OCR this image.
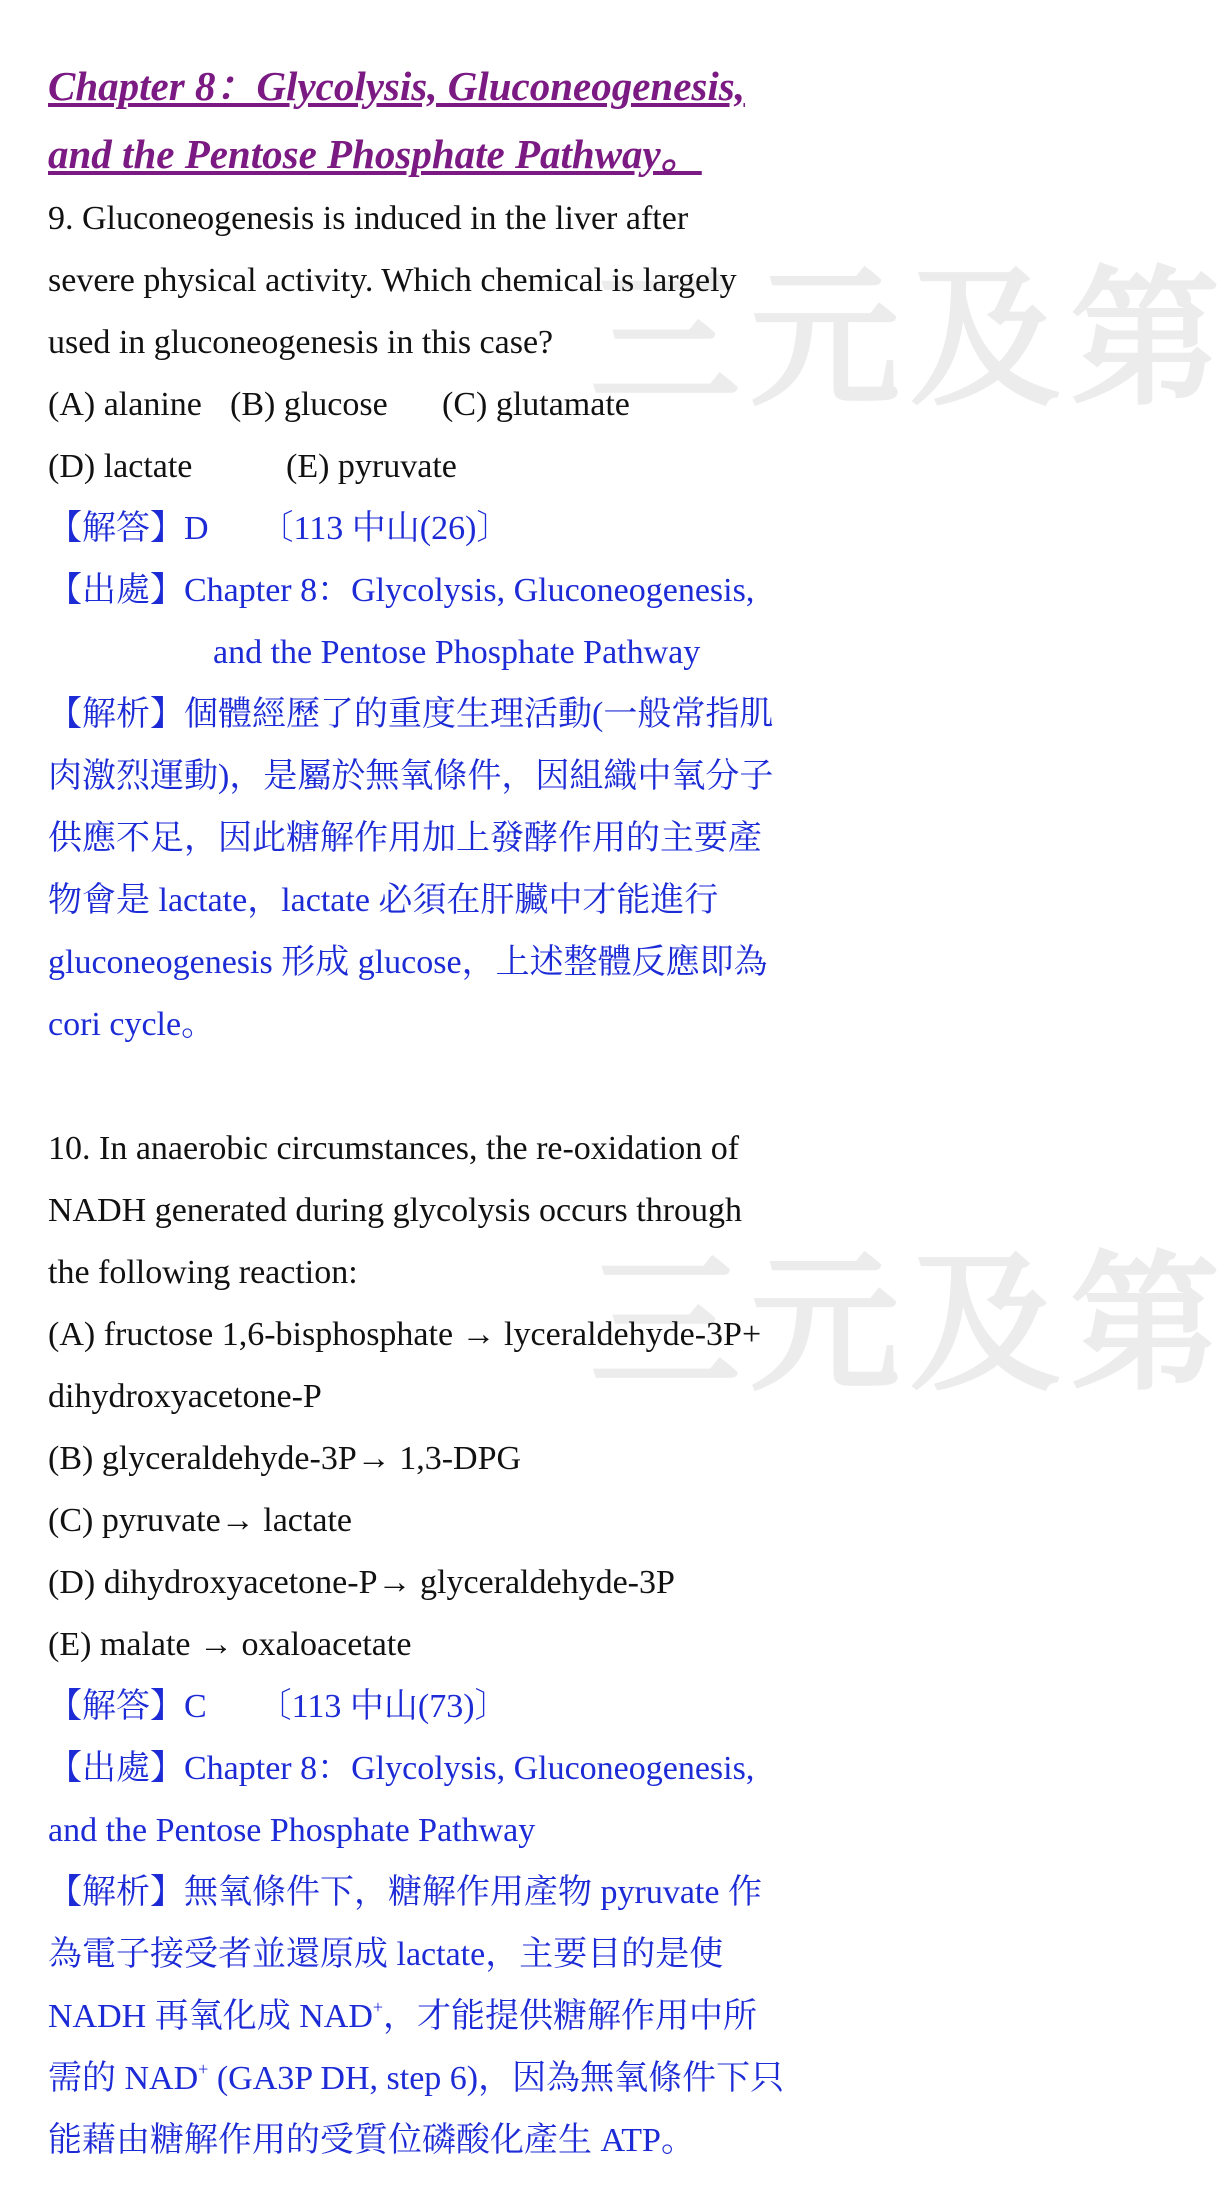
三元及第
三元及第

Chapter 8：Glycolysis, Gluconeogenesis,
and the Pentose Phosphate Pathway。

9. Gluconeogenesis is induced in the liver after
severe physical activity. Which chemical is largely
used in gluconeogenesis in this case?
(A) alanine (B) glucose (C) glutamate
(D) lactate	(E) pyruvate
【解答】D　　〔113 中山(26)〕
【出處】Chapter 8：Glycolysis, Gluconeogenesis,
and the Pentose Phosphate Pathway
【解析】個體經歷了的重度生理活動(一般常指肌
肉激烈運動)，是屬於無氧條件，因組織中氧分子
供應不足，因此糖解作用加上發酵作用的主要產
物會是 lactate，lactate 必須在肝臟中才能進行
gluconeogenesis 形成 glucose，上述整體反應即為
cori cycle。
10. In anaerobic circumstances, the re-oxidation of
NADH generated during glycolysis occurs through
the following reaction:
(A) fructose 1,6-bisphosphate → lyceraldehyde-3P+
dihydroxyacetone-P
(B) glyceraldehyde-3P→ 1,3-DPG
(C) pyruvate→ lactate
(D) dihydroxyacetone-P→ glyceraldehyde-3P
(E) malate → oxaloacetate
【解答】C　　〔113 中山(73)〕
【出處】Chapter 8：Glycolysis, Gluconeogenesis,
and the Pentose Phosphate Pathway
【解析】無氧條件下，糖解作用產物 pyruvate 作
為電子接受者並還原成 lactate，主要目的是使
NADH 再氧化成 NAD+，才能提供糖解作用中所
需的 NAD+ (GA3P DH, step 6)，因為無氧條件下只
能藉由糖解作用的受質位磷酸化產生 ATP。
